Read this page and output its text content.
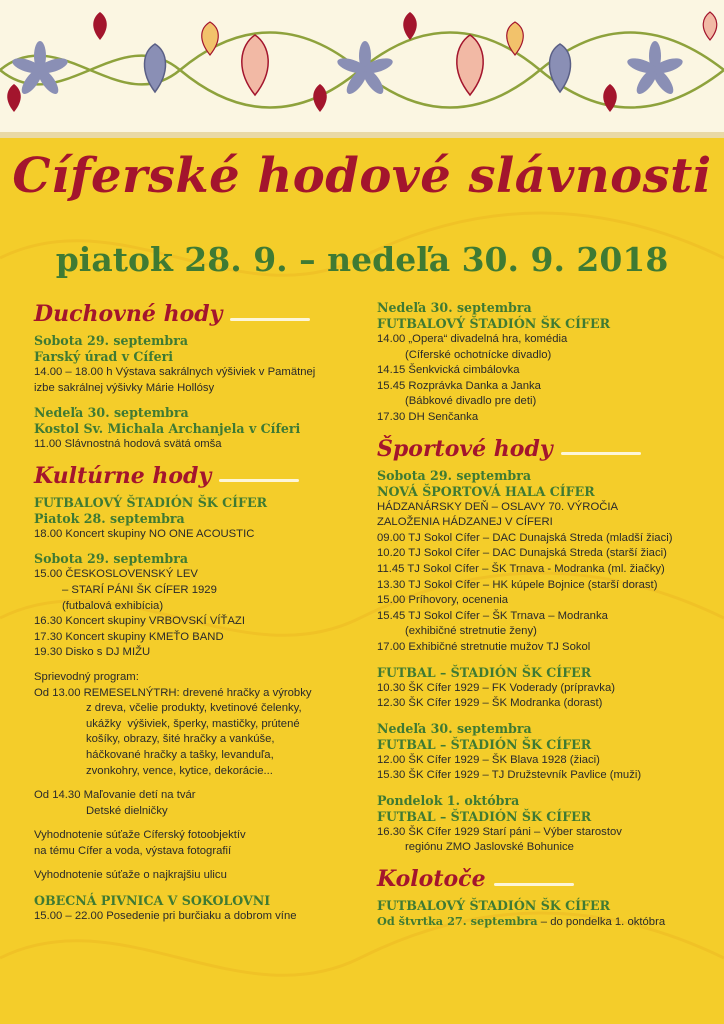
Cíferské hodové slávnosti
piatok 28. 9. – nedeľa 30. 9. 2018
Duchovné hody
Sobota 29. septembra
Farský úrad v Cíferi
14.00 – 18.00 h Výstava sakrálnych výšiviek v Pamätnej
izbe sakrálnej výšivky Márie Hollósy
Nedeľa 30. septembra
Kostol Sv. Michala Archanjela v Cíferi
11.00 Slávnostná hodová svätá omša
Kultúrne hody
FUTBALOVÝ ŠTADIÓN ŠK CÍFER
Piatok 28. septembra
18.00 Koncert skupiny NO ONE ACOUSTIC
Sobota 29. septembra
15.00 ČESKOSLOVENSKÝ LEV
– STARÍ PÁNI ŠK CÍFER 1929
(futbalová exhibícia)
16.30 Koncert skupiny VRBOVSKÍ VÍŤAZI
17.30 Koncert skupiny KMEŤO BAND
19.30 Disko s DJ MIŽU
Sprievodný program:
Od 13.00 REMESELNÝTRH: drevené hračky a výrobky
z dreva, včelie produkty, kvetinové čelenky,
ukážky  výšiviek, šperky, mastičky, prútené
košíky, obrazy, šité hračky a vankúše,
háčkované hračky a tašky, levanduľa,
zvonkohry, vence, kytice, dekorácie...
Od 14.30 Maľovanie detí na tvár
Detské dielničky
Vyhodnotenie súťaže Cíferský fotoobjektív
na tému Cífer a voda, výstava fotografií
Vyhodnotenie súťaže o najkrajšiu ulicu
OBECNÁ PIVNICA V SOKOLOVNI
15.00 – 22.00 Posedenie pri burčiaku a dobrom víne
Nedeľa 30. septembra
FUTBALOVÝ ŠTADIÓN ŠK CÍFER
14.00 „Opera“ divadelná hra, komédia
(Cíferské ochotnícke divadlo)
14.15 Šenkvická cimbálovka
15.45 Rozprávka Danka a Janka
(Bábkové divadlo pre deti)
17.30 DH Senčanka
Športové hody
Sobota 29. septembra
NOVÁ ŠPORTOVÁ HALA CÍFER
HÁDZANÁRSKY DEŇ – OSLAVY 70. VÝROČIA
ZALOŽENIA HÁDZANEJ V CÍFERI
09.00 TJ Sokol Cífer – DAC Dunajská Streda (mladší žiaci)
10.20 TJ Sokol Cífer – DAC Dunajská Streda (starší žiaci)
11.45 TJ Sokol Cífer – ŠK Trnava - Modranka (ml. žiačky)
13.30 TJ Sokol Cífer – HK kúpele Bojnice (starší dorast)
15.00 Príhovory, ocenenia
15.45 TJ Sokol Cífer – ŠK Trnava – Modranka
(exhibičné stretnutie ženy)
17.00 Exhibičné stretnutie mužov TJ Sokol
FUTBAL – ŠTADIÓN ŠK CÍFER
10.30 ŠK Cífer 1929 – FK Voderady (prípravka)
12.30 ŠK Cífer 1929 – ŠK Modranka (dorast)
Nedeľa 30. septembra
FUTBAL – ŠTADIÓN ŠK CÍFER
12.00 ŠK Cífer 1929 – ŠK Blava 1928 (žiaci)
15.30 ŠK Cífer 1929 – TJ Družstevník Pavlice (muži)
Pondelok 1. októbra
FUTBAL – ŠTADIÓN ŠK CÍFER
16.30 ŠK Cífer 1929 Starí páni – Výber starostov
regiónu ZMO Jaslovské Bohunice
Kolotoče
FUTBALOVÝ ŠTADIÓN ŠK CÍFER
Od štvrtka 27. septembra – do pondelka 1. októbra
